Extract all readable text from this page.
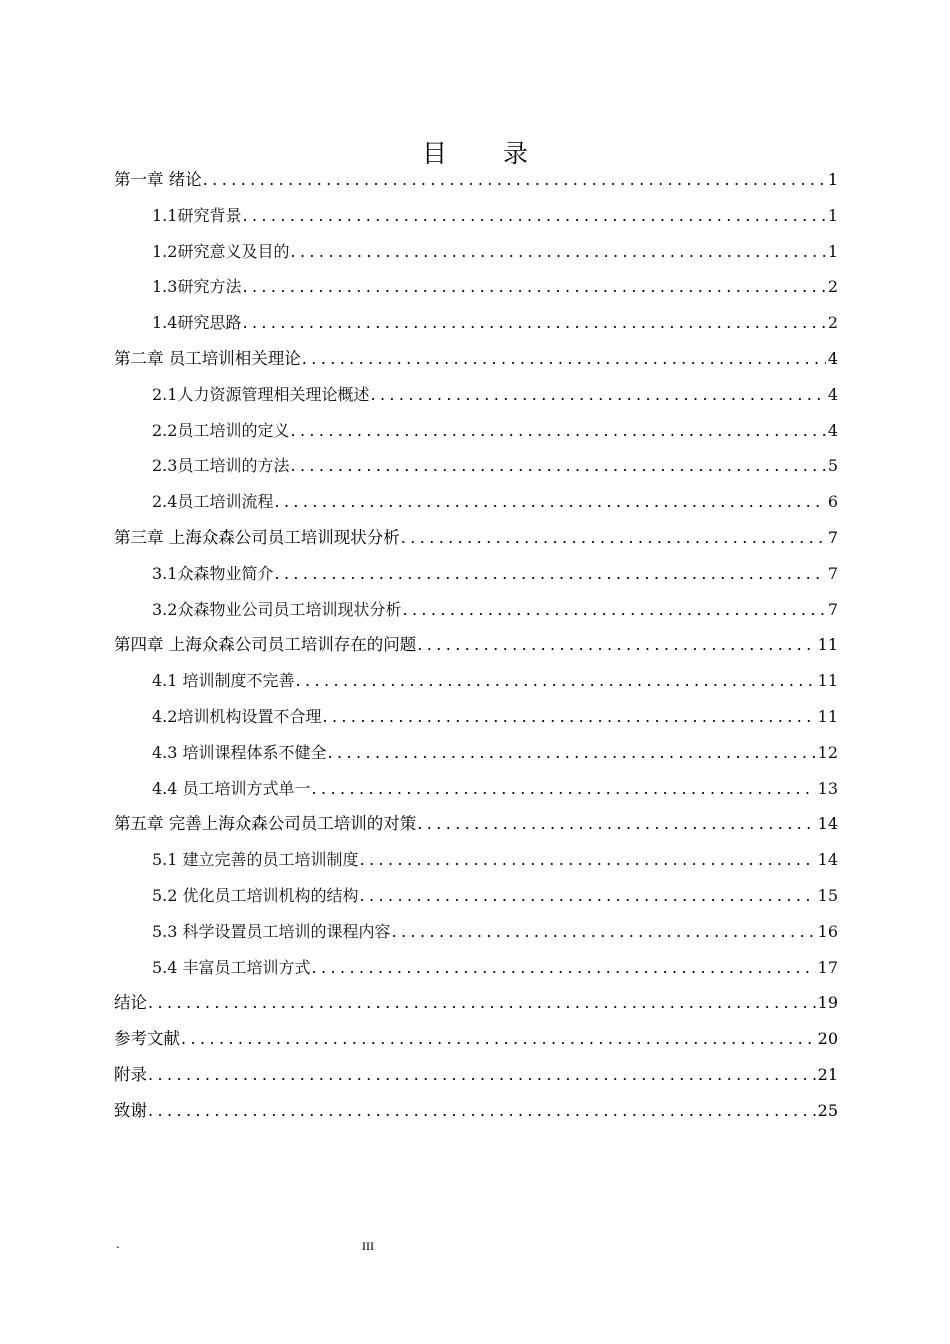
目 录
第一章 绪论 .....	1
1.1研究背景 .....	1
1.2研究意义及目的 .....	1
1.3研究方法 .....	2
1.4研究思路 .....	2
第二章 员工培训相关理论 .....	4
2.1人力资源管理相关理论概述 .....	4
2.2员工培训的定义 .....	4
2.3员工培训的方法 .....	5
2.4员工培训流程 .....	6
第三章 上海众森公司员工培训现状分析 .....	7
3.1众森物业简介 .....	7
3.2众森物业公司员工培训现状分析 .....	7
第四章 上海众森公司员工培训存在的问题 .....	11
4.1 培训制度不完善 .....	11
4.2培训机构设置不合理 .....	11
4.3 培训课程体系不健全 .....	12
4.4 员工培训方式单一 .....	13
第五章 完善上海众森公司员工培训的对策 .....	14
5.1 建立完善的员工培训制度 .....	14
5.2 优化员工培训机构的结构 .....	15
5.3 科学设置员工培训的课程内容 .....	16
5.4 丰富员工培训方式 .....	17
结论 .....	19
参考文献 .....	20
附录 .....	21
致谢 .....	25
.	III
